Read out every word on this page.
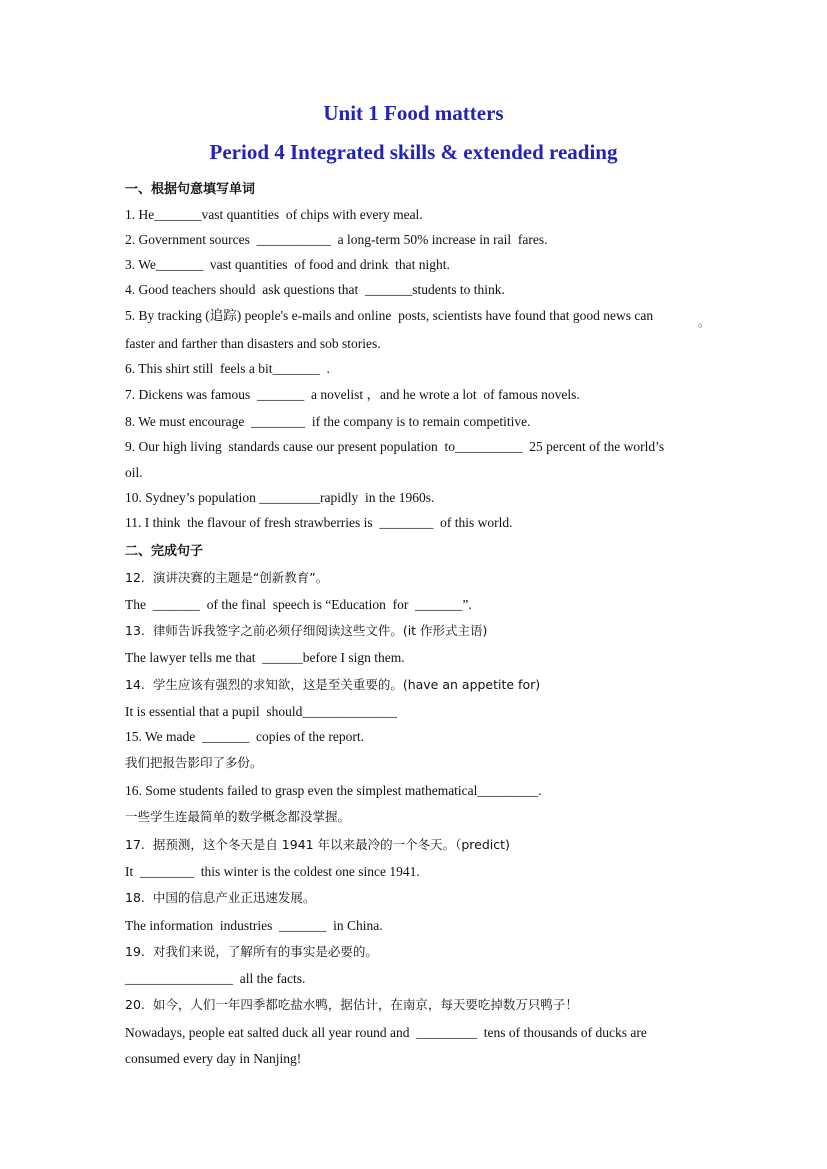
Unit 1 Food matters
Period 4 Integrated skills & extended reading
一、根据句意填写单词
1. He_______vast quantities  of chips with every meal.
2. Government sources  ___________  a long-term 50% increase in rail  fares.
3. We_______  vast quantities  of food and drink  that night.
4. Good teachers should  ask questions that  _______students to think.
5. By tracking (追踪) people's e-mails and online  posts, scientists have found that good news can
faster and farther than disasters and sob stories.
6. This shirt still  feels a bit_______  .
7. Dickens was famous  _______  a novelist ，and he wrote a lot  of famous novels.
8. We must encourage  ________  if the company is to remain competitive.
9. Our high living  standards cause our present population  to__________  25 percent of the world’s
oil.
10. Sydney’s population _________rapidly  in the 1960s.
11. I think  the flavour of fresh strawberries is  ________  of this world.
。
二、完成句子
12.  演讲决赛的主题是“创新教育”。
The  _______  of the final  speech is “Education  for  _______”.
13.  律师告诉我签字之前必须仔细阅读这些文件。(it 作形式主语)
The lawyer tells me that  ______before I sign them.
14.  学生应该有强烈的求知欲，这是至关重要的。(have an appetite for)
It is essential that a pupil  should______________
15. We made  _______  copies of the report.
我们把报告影印了多份。
16. Some students failed to grasp even the simplest mathematical_________.
一些学生连最简单的数学概念都没掌握。
17.  据预测，这个冬天是自 1941 年以来最冷的一个冬天。（predict)
It  ________  this winter is the coldest one since 1941.
18.  中国的信息产业正迅速发展。
The information  industries  _______  in China.
19.  对我们来说，了解所有的事实是必要的。
________________  all the facts.
20.  如今，人们一年四季都吃盐水鸭，据估计，在南京，每天要吃掉数万只鸭子！
Nowadays, people eat salted duck all year round and  _________  tens of thousands of ducks are
consumed every day in Nanjing!
